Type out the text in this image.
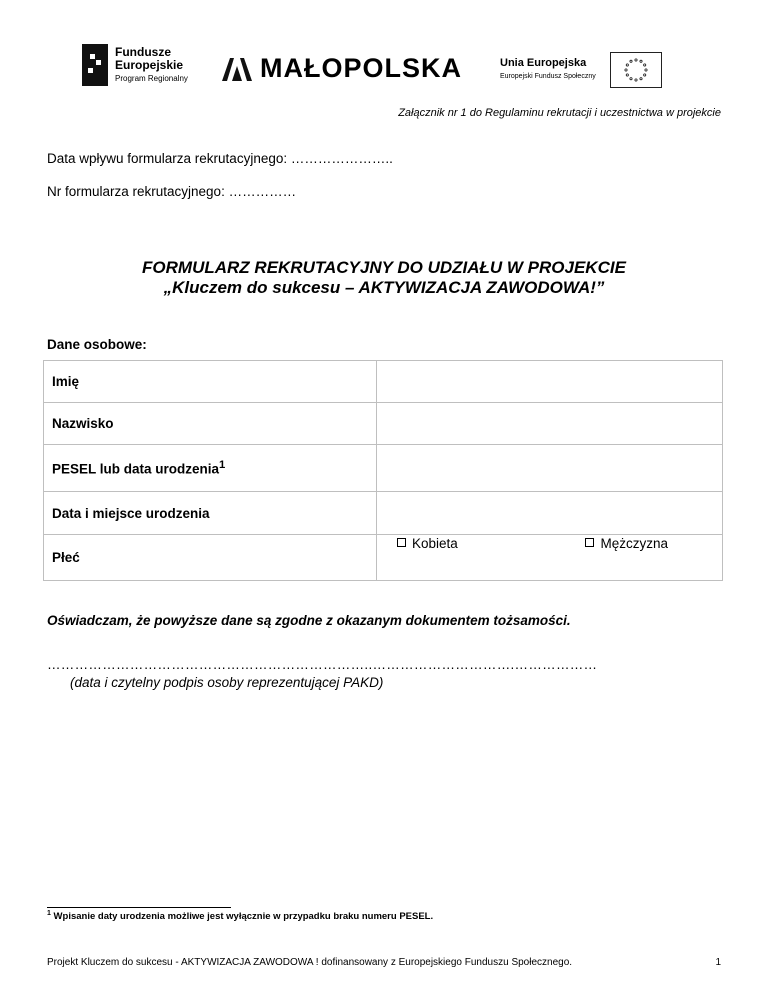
Fundusze
Europejskie
Program Regionalny	MAŁOPOLSKA	Unia Europejska
Europejski Fundusz Społeczny
Załącznik nr 1 do Regulaminu rekrutacji i uczestnictwa w projekcie
Data wpływu formularza rekrutacyjnego: …………………..
Nr formularza rekrutacyjnego: ……………
FORMULARZ REKRUTACYJNY DO UDZIAŁU W PROJEKCIE
„Kluczem do sukcesu – AKTYWIZACJA ZAWODOWA!”
Dane osobowe:
Imię	
Nazwisko	
PESEL lub data urodzenia$^1$	
Data i miejsce urodzenia	
Płeć	Kobieta Mężczyzna
Oświadczam, że powyższe dane są zgodne z okazanym dokumentem tożsamości.
……………………………………………………………..………………………….………………
(data i czytelny podpis osoby reprezentującej PAKD)
$^1$ Wpisanie daty urodzenia możliwe jest wyłącznie w przypadku braku numeru PESEL.
Projekt Kluczem do sukcesu - AKTYWIZACJA ZAWODOWA ! dofinansowany z Europejskiego Funduszu Społecznego.	1
